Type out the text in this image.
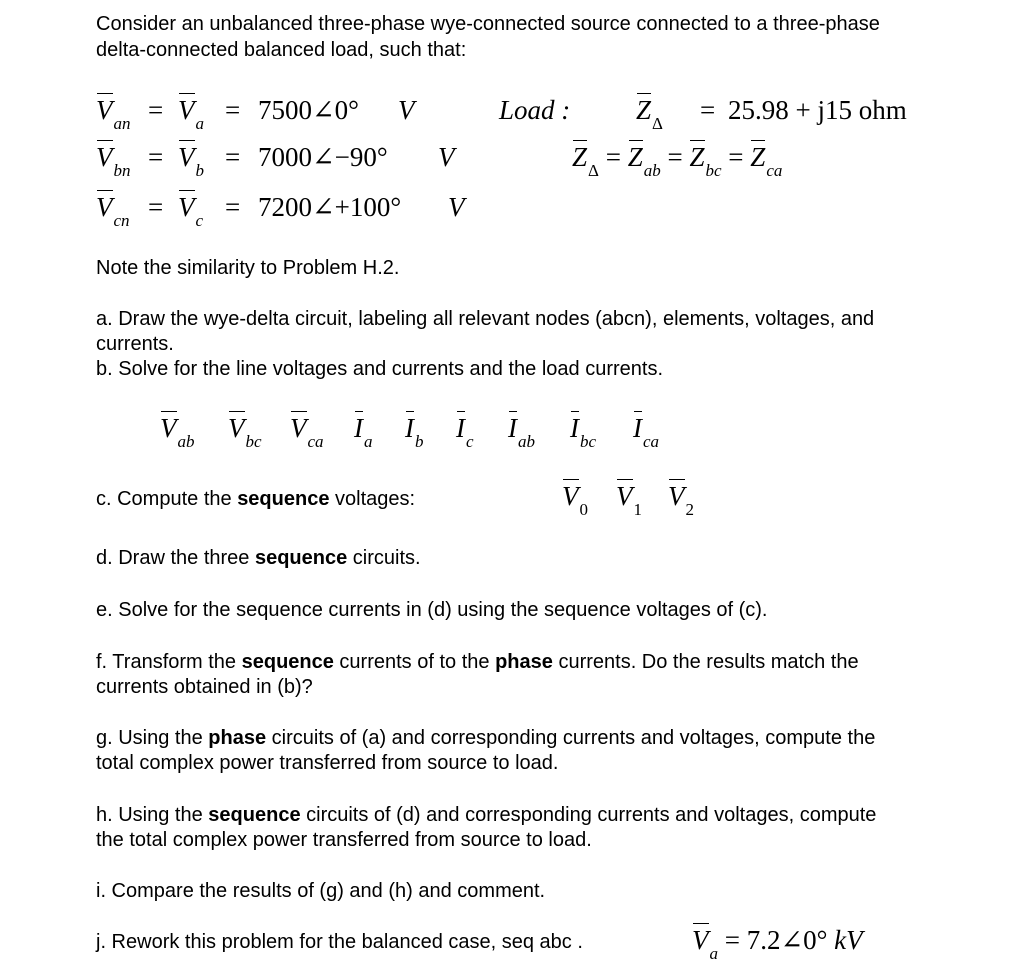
Consider an unbalanced three-phase wye-connected source connected to a three-phase

delta-connected balanced load, such that:

$V_{an} = V_a$ = 7500∠0° V
$V_{bn} = V_b$ = 7000∠−90° V
$V_{cn} = V_c$ = 7200∠+100° V
Load : $Z_\Delta = 25.98 + j15$ ohm
$Z_\Delta = Z_{ab} = Z_{bc} = Z_{ca}$

Note the similarity to Problem H.2.

a. Draw the wye-delta circuit, labeling all relevant nodes (abcn), elements, voltages, and

currents.

b. Solve for the line voltages and currents and the load currents.

$V_{ab}$ $V_{bc}$ $V_{ca}$ $I_a$ $I_b$ $I_c$ $I_{ab}$ $I_{bc}$ $I_{ca}$

c. Compute the sequence voltages:	$V_0$ $V_1$ $V_2$

d. Draw the three sequence circuits.

e. Solve for the sequence currents in (d) using the sequence voltages of (c).

f. Transform the sequence currents of to the phase currents. Do the results match the

currents obtained in (b)?

g. Using the phase circuits of (a) and corresponding currents and voltages, compute the

total complex power transferred from source to load.

h. Using the sequence circuits of (d) and corresponding currents and voltages, compute

the total complex power transferred from source to load.

i. Compare the results of (g) and (h) and comment.

j. Rework this problem for the balanced case, seq abc .	$V_a$ = 7.2∠0° kV
